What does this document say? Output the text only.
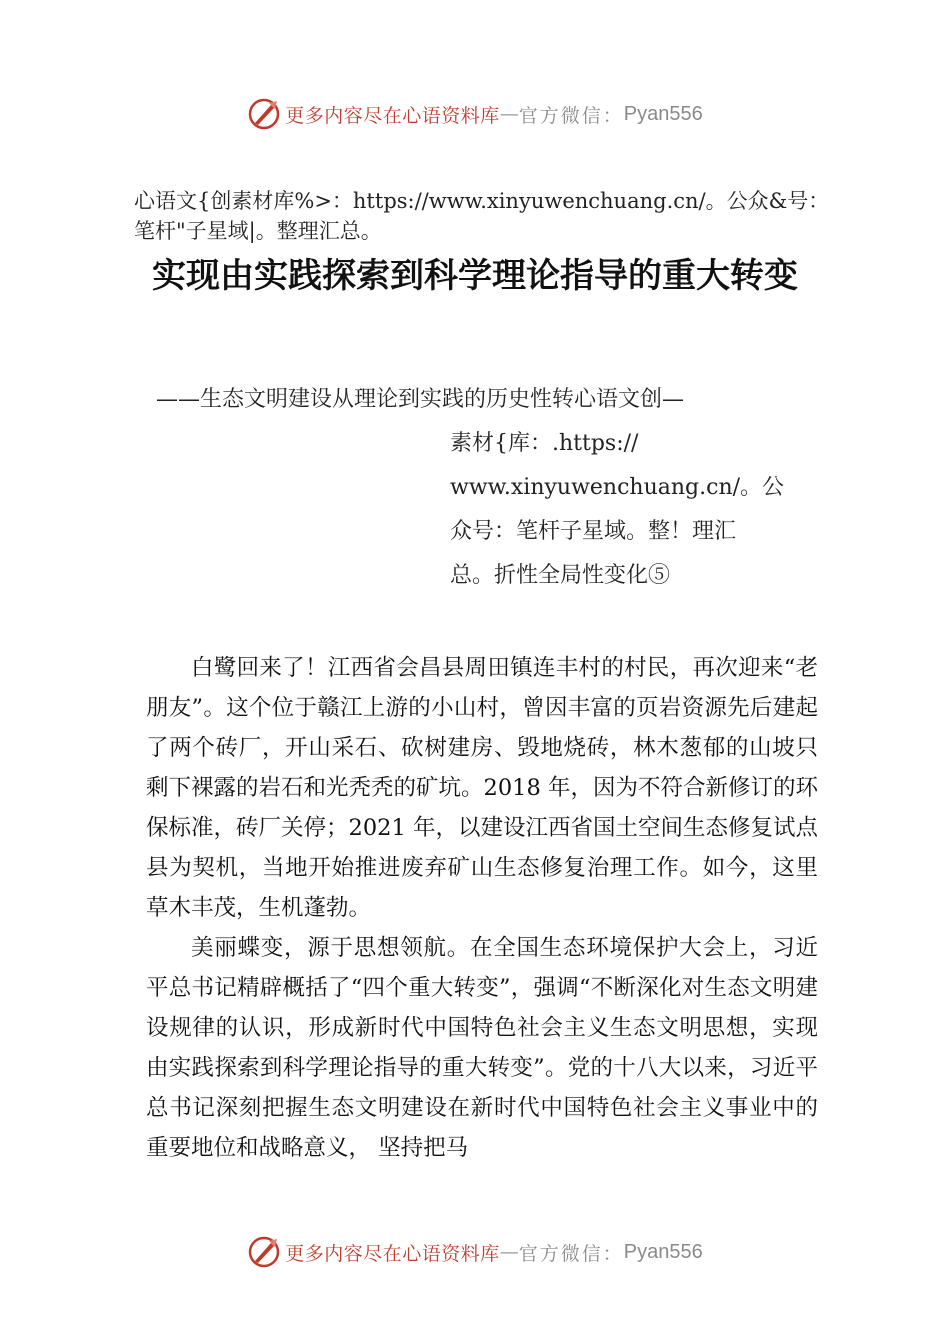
更多内容尽在心语资料库 — 官方微信： Pyan556

心语文{创素材库%>：https://www.xinyuwenchuang.cn/。公众&号：笔杆"子星域|。整理汇总。

实现由实践探索到科学理论指导的重大转变

——生态文明建设从理论到实践的历史性转心语文创—

素材{库：.https://

www.xinyuwenchuang.cn/。公

众号：笔杆子星域。整！理汇

总。折性全局性变化⑤

白鹭回来了！江西省会昌县周田镇连丰村的村民，再次迎来“老朋友”。这个位于赣江上游的小山村，曾因丰富的页岩资源先后建起了两个砖厂，开山采石、砍树建房、毁地烧砖，林木葱郁的山坡只剩下裸露的岩石和光秃秃的矿坑。2018 年，因为不符合新修订的环保标准，砖厂关停；2021 年，以建设江西省国土空间生态修复试点县为契机，当地开始推进废弃矿山生态修复治理工作。如今，这里草木丰茂，生机蓬勃。

美丽蝶变，源于思想领航。在全国生态环境保护大会上，习近平总书记精辟概括了“四个重大转变”，强调“不断深化对生态文明建设规律的认识，形成新时代中国特色社会主义生态文明思想，实现由实践探索到科学理论指导的重大转变”。党的十八大以来，习近平总书记深刻把握生态文明建设在新时代中国特色社会主义事业中的重要地位和战略意义， 坚持把马

更多内容尽在心语资料库 — 官方微信： Pyan556
